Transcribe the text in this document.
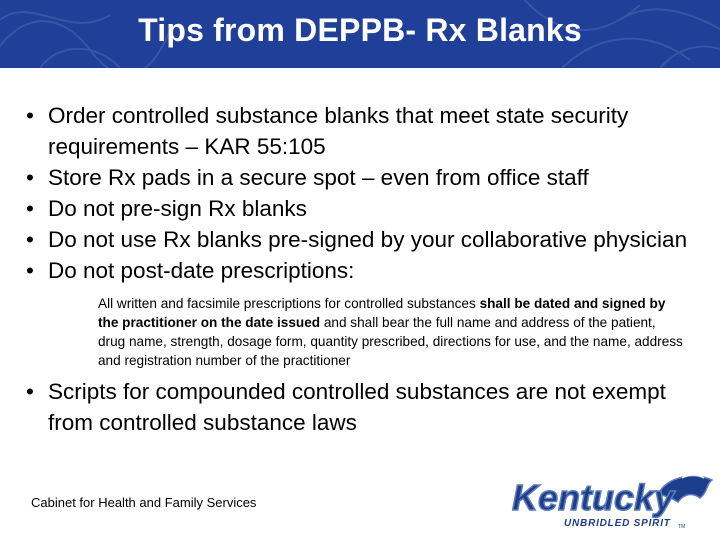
Tips from DEPPB- Rx Blanks
• Order controlled substance blanks that meet state security requirements – KAR 55:105
• Store Rx pads in a secure spot – even from office staff
• Do not pre-sign Rx blanks
• Do not use Rx blanks pre-signed by your collaborative physician
• Do not post-date prescriptions:
All written and facsimile prescriptions for controlled substances shall be dated and signed by the practitioner on the date issued and shall bear the full name and address of the patient, drug name, strength, dosage form, quantity prescribed, directions for use, and the name, address and registration number of the practitioner
• Scripts for compounded controlled substances are not exempt from controlled substance laws
Cabinet for Health and Family Services	Kentucky
UNBRIDLED SPIRIT TM
